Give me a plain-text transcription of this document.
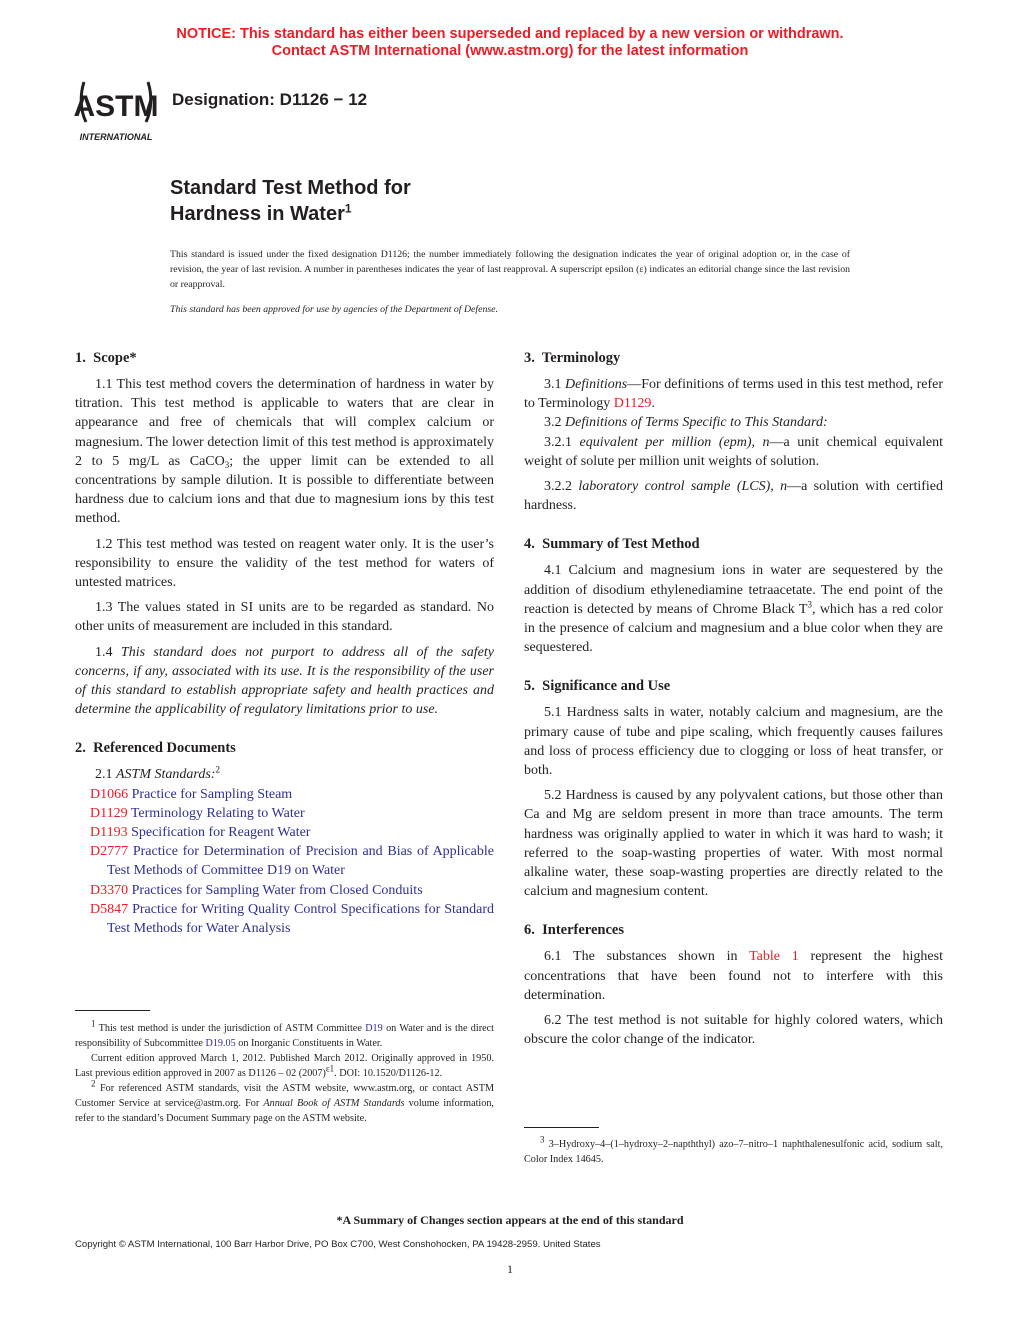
NOTICE: This standard has either been superseded and replaced by a new version or withdrawn.
Contact ASTM International (www.astm.org) for the latest information
ASTM
INTERNATIONAL
Designation: D1126 − 12
Standard Test Method for
Hardness in Water$^1$
This standard is issued under the fixed designation D1126; the number immediately following the designation indicates the year of original adoption or, in the case of revision, the year of last revision. A number in parentheses indicates the year of last reapproval. A superscript epsilon (ε) indicates an editorial change since the last revision or reapproval.
This standard has been approved for use by agencies of the Department of Defense.
1. Scope*

1.1 This test method covers the determination of hardness in water by titration. This test method is applicable to waters that are clear in appearance and free of chemicals that will complex calcium or magnesium. The lower detection limit of this test method is approximately 2 to 5 mg/L as CaCO$_3$; the upper limit can be extended to all concentrations by sample dilution. It is possible to differentiate between hardness due to calcium ions and that due to magnesium ions by this test method.

1.2 This test method was tested on reagent water only. It is the user’s responsibility to ensure the validity of the test method for waters of untested matrices.

1.3 The values stated in SI units are to be regarded as standard. No other units of measurement are included in this standard.

1.4 This standard does not purport to address all of the safety concerns, if any, associated with its use. It is the responsibility of the user of this standard to establish appropriate safety and health practices and determine the applicability of regulatory limitations prior to use.

2. Referenced Documents

2.1 ASTM Standards:$^2$

D1066 Practice for Sampling Steam
D1129 Terminology Relating to Water
D1193 Specification for Reagent Water
D2777 Practice for Determination of Precision and Bias of Applicable Test Methods of Committee D19 on Water
D3370 Practices for Sampling Water from Closed Conduits
D5847 Practice for Writing Quality Control Specifications for Standard Test Methods for Water Analysis
3. Terminology

3.1 Definitions—For definitions of terms used in this test method, refer to Terminology D1129.

3.2 Definitions of Terms Specific to This Standard:

3.2.1 equivalent per million (epm), n—a unit chemical equivalent weight of solute per million unit weights of solution.

3.2.2 laboratory control sample (LCS), n—a solution with certified hardness.

4. Summary of Test Method

4.1 Calcium and magnesium ions in water are sequestered by the addition of disodium ethylenediamine tetraacetate. The end point of the reaction is detected by means of Chrome Black $T^3$, which has a red color in the presence of calcium and magnesium and a blue color when they are sequestered.

5. Significance and Use

5.1 Hardness salts in water, notably calcium and magnesium, are the primary cause of tube and pipe scaling, which frequently causes failures and loss of process efficiency due to clogging or loss of heat transfer, or both.

5.2 Hardness is caused by any polyvalent cations, but those other than Ca and Mg are seldom present in more than trace amounts. The term hardness was originally applied to water in which it was hard to wash; it referred to the soap-wasting properties of water. With most normal alkaline water, these soap-wasting properties are directly related to the calcium and magnesium content.

6. Interferences

6.1 The substances shown in Table 1 represent the highest concentrations that have been found not to interfere with this determination.

6.2 The test method is not suitable for highly colored waters, which obscure the color change of the indicator.

$^1$ This test method is under the jurisdiction of ASTM Committee D19 on Water and is the direct responsibility of Subcommittee D19.05 on Inorganic Constituents in Water.

Current edition approved March 1, 2012. Published March 2012. Originally approved in 1950. Last previous edition approved in 2007 as D1126 – 02 $(2007)^{\varepsilon 1}$. DOI: 10.1520/D1126-12.

$^2$ For referenced ASTM standards, visit the ASTM website, www.astm.org, or contact ASTM Customer Service at service@astm.org. For Annual Book of ASTM Standards volume information, refer to the standard’s Document Summary page on the ASTM website.

$^3$ 3–Hydroxy–4–(1–hydroxy–2–napththyl) azo–7–nitro–1 naphthalenesulfonic acid, sodium salt, Color Index 14645.

*A Summary of Changes section appears at the end of this standard
Copyright © ASTM International, 100 Barr Harbor Drive, PO Box C700, West Conshohocken, PA 19428-2959. United States
1
